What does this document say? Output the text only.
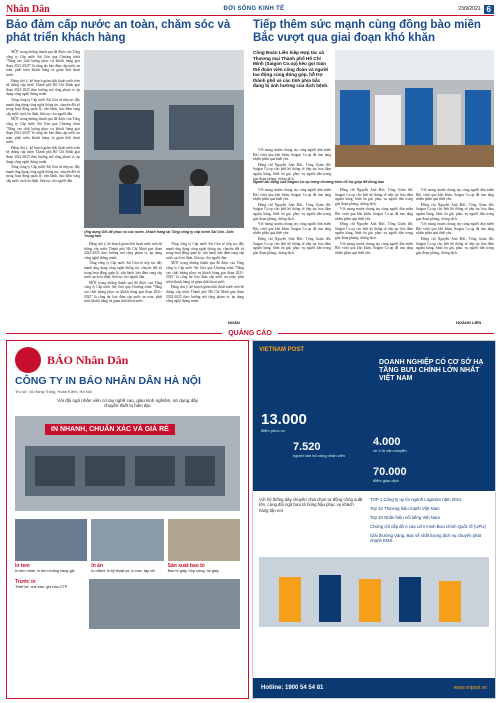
Nhân Dân	ĐỜI SỐNG KINH TẾ	23/9/2021 6
Bảo đảm cấp nước an toàn, chăm sóc và phát triển khách hàng

MỘT trong những thành quả đã được của Tổng công ty Cấp nước Sài Gòn qua Chương trình "Nâng cao chất lượng phục vụ khách hàng giai đoạn 2021-2025" là công tác bảo đảm cấp nước an toàn, phát triển khách hàng và giảm thất thoát nước.

Đáng chú ý, kế hoạch giảm thất thoát nước trên hệ thống cấp nước Thành phố Hồ Chí Minh giai đoạn 2022-2025 theo hướng mở rộng phạm vi, áp dụng công nghệ thông minh.

Tổng công ty Cấp nước Sài Gòn sẽ tiếp tục đẩy mạnh ứng dụng công nghệ thông tin, chuyển đổi số trong hoạt động quản lý, vận hành, bảo đảm cung cấp nước sạch ổn định, liên tục cho người dân.

MỘT trong những thành quả đã được của Tổng công ty Cấp nước Sài Gòn qua Chương trình "Nâng cao chất lượng phục vụ khách hàng giai đoạn 2021-2025" là công tác bảo đảm cấp nước an toàn, phát triển khách hàng và giảm thất thoát nước.

Đáng chú ý, kế hoạch giảm thất thoát nước trên hệ thống cấp nước Thành phố Hồ Chí Minh giai đoạn 2022-2025 theo hướng mở rộng phạm vi, áp dụng công nghệ thông minh.

Tổng công ty Cấp nước Sài Gòn sẽ tiếp tục đẩy mạnh ứng dụng công nghệ thông tin, chuyển đổi số trong hoạt động quản lý, vận hành, bảo đảm cung cấp nước sạch ổn định, liên tục cho người dân.

Ứng dụng GIS để phục vụ các nước, khách hàng tại Tổng công ty cấp nước Sài Gòn. Ảnh: Trung tâm

Đáng chú ý, kế hoạch giảm thất thoát nước trên hệ thống cấp nước Thành phố Hồ Chí Minh giai đoạn 2022-2025 theo hướng mở rộng phạm vi, áp dụng công nghệ thông minh.

Tổng công ty Cấp nước Sài Gòn sẽ tiếp tục đẩy mạnh ứng dụng công nghệ thông tin, chuyển đổi số trong hoạt động quản lý, vận hành, bảo đảm cung cấp nước sạch ổn định, liên tục cho người dân.

MỘT trong những thành quả đã được của Tổng công ty Cấp nước Sài Gòn qua Chương trình "Nâng cao chất lượng phục vụ khách hàng giai đoạn 2021-2025" là công tác bảo đảm cấp nước an toàn, phát triển khách hàng và giảm thất thoát nước.

Tổng công ty Cấp nước Sài Gòn sẽ tiếp tục đẩy mạnh ứng dụng công nghệ thông tin, chuyển đổi số trong hoạt động quản lý, vận hành, bảo đảm cung cấp nước sạch ổn định, liên tục cho người dân.

MỘT trong những thành quả đã được của Tổng công ty Cấp nước Sài Gòn qua Chương trình "Nâng cao chất lượng phục vụ khách hàng giai đoạn 2021-2025" là công tác bảo đảm cấp nước an toàn, phát triển khách hàng và giảm thất thoát nước.

Đáng chú ý, kế hoạch giảm thất thoát nước trên hệ thống cấp nước Thành phố Hồ Chí Minh giai đoạn 2022-2025 theo hướng mở rộng phạm vi, áp dụng công nghệ thông minh.

NGÂN
Tiếp thêm sức mạnh cùng đồng bào miền Bắc vượt qua giai đoạn khó khăn
Công Đoàn Liên hiệp Hợp tác xã Thương mại Thành phố Hồ Chí Minh (Saigon Co.op) kêu gọi toàn thể đoàn viên công đoàn và người lao động cùng đóng góp, hỗ trợ thành phố và các tỉnh phía bắc đang bị ảnh hưởng của dịch bệnh.

Với mong muốn chung tay cùng người dân miền Bắc vượt qua khó khăn, Saigon Co.op đã trao tặng nhiều phần quà thiết yếu.

Đồng chí Nguyễn Anh Đức, Tổng Giám đốc Saigon Co.op cho biết hệ thống sẽ tiếp tục bảo đảm nguồn hàng, bình ổn giá, phục vụ người dân trong giai đoạn phòng, chống dịch.

Người lao động của Saigon Co.op trong chương trình hỗ trợ giúp đỡ đồng bào

Với mong muốn chung tay cùng người dân miền Bắc vượt qua khó khăn, Saigon Co.op đã trao tặng nhiều phần quà thiết yếu.

Đồng chí Nguyễn Anh Đức, Tổng Giám đốc Saigon Co.op cho biết hệ thống sẽ tiếp tục bảo đảm nguồn hàng, bình ổn giá, phục vụ người dân trong giai đoạn phòng, chống dịch.

Với mong muốn chung tay cùng người dân miền Bắc vượt qua khó khăn, Saigon Co.op đã trao tặng nhiều phần quà thiết yếu.

Đồng chí Nguyễn Anh Đức, Tổng Giám đốc Saigon Co.op cho biết hệ thống sẽ tiếp tục bảo đảm nguồn hàng, bình ổn giá, phục vụ người dân trong giai đoạn phòng, chống dịch.

Đồng chí Nguyễn Anh Đức, Tổng Giám đốc Saigon Co.op cho biết hệ thống sẽ tiếp tục bảo đảm nguồn hàng, bình ổn giá, phục vụ người dân trong giai đoạn phòng, chống dịch.

Với mong muốn chung tay cùng người dân miền Bắc vượt qua khó khăn, Saigon Co.op đã trao tặng nhiều phần quà thiết yếu.

Đồng chí Nguyễn Anh Đức, Tổng Giám đốc Saigon Co.op cho biết hệ thống sẽ tiếp tục bảo đảm nguồn hàng, bình ổn giá, phục vụ người dân trong giai đoạn phòng, chống dịch.

Với mong muốn chung tay cùng người dân miền Bắc vượt qua khó khăn, Saigon Co.op đã trao tặng nhiều phần quà thiết yếu.

Với mong muốn chung tay cùng người dân miền Bắc vượt qua khó khăn, Saigon Co.op đã trao tặng nhiều phần quà thiết yếu.

Đồng chí Nguyễn Anh Đức, Tổng Giám đốc Saigon Co.op cho biết hệ thống sẽ tiếp tục bảo đảm nguồn hàng, bình ổn giá, phục vụ người dân trong giai đoạn phòng, chống dịch.

Với mong muốn chung tay cùng người dân miền Bắc vượt qua khó khăn, Saigon Co.op đã trao tặng nhiều phần quà thiết yếu.

Đồng chí Nguyễn Anh Đức, Tổng Giám đốc Saigon Co.op cho biết hệ thống sẽ tiếp tục bảo đảm nguồn hàng, bình ổn giá, phục vụ người dân trong giai đoạn phòng, chống dịch.

HOÀNG LIÊN
QUẢNG CÁO
BÁO Nhân Dân
CÔNG TY IN BÁO NHÂN DÂN HÀ NỘI
Trụ sở: 16 Hàng Trống, Hoàn Kiếm, Hà Nội
Với đội ngũ nhân viên có tay nghề cao, giàu kinh nghiệm, sử dụng dây chuyền thiết bị hiện đại.
IN NHANH, CHUẨN XÁC VÀ GIÁ RẺ
In tem
In tem nhãn, in tem chống hàng giả
In ấn
In offset, in kỹ thuật số, in báo, tạp chí
Sản xuất bao bì
Bao bì giấy, hộp cứng, túi giấy
Trước in
Thiết kế, chế bản, ghi bản CTP
VIETNAM POST
DOANH NGHIỆP CÓ CƠ SỞ HẠ TẦNG BƯU CHÍNH LỚN NHẤT VIỆT NAM
13.000
điểm phục vụ
7.520
người cán bộ công nhân viên
4.000
xe ô tô vận chuyển
70.000
điểm giao dịch
Với hệ thống dày chuyền chia chọn tự động công suất lớn, cùng đội ngũ bưu tá hùng hậu phục vụ khách hàng tận nơi.
TOP 1 Công ty uy tín ngành Logistics năm 2021
Top 10 Thương hiệu mạnh Việt Nam
Top 10 Nhãn hiệu nổi tiếng Việt Nam
Chứng chỉ cấp độ A của Liên minh Bưu chính Quốc tế (UPU)
Giải thưởng Vàng, Bạc về chất lượng dịch vụ chuyển phát nhanh EMS
Hotline: 1900 54 54 81	www.vnpost.vn
